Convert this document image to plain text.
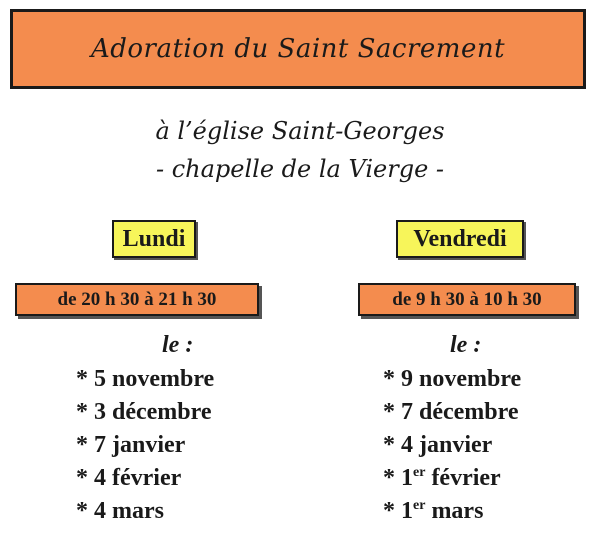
Adoration du Saint Sacrement
à l’église Saint-Georges
- chapelle de la Vierge -
Lundi
de 20 h 30 à 21 h 30
le :
* 5 novembre
* 3 décembre
* 7 janvier
* 4 février
* 4 mars
Vendredi
de 9 h 30 à 10 h 30
le :
* 9 novembre
* 7 décembre
* 4 janvier
* 1er février
* 1er mars
